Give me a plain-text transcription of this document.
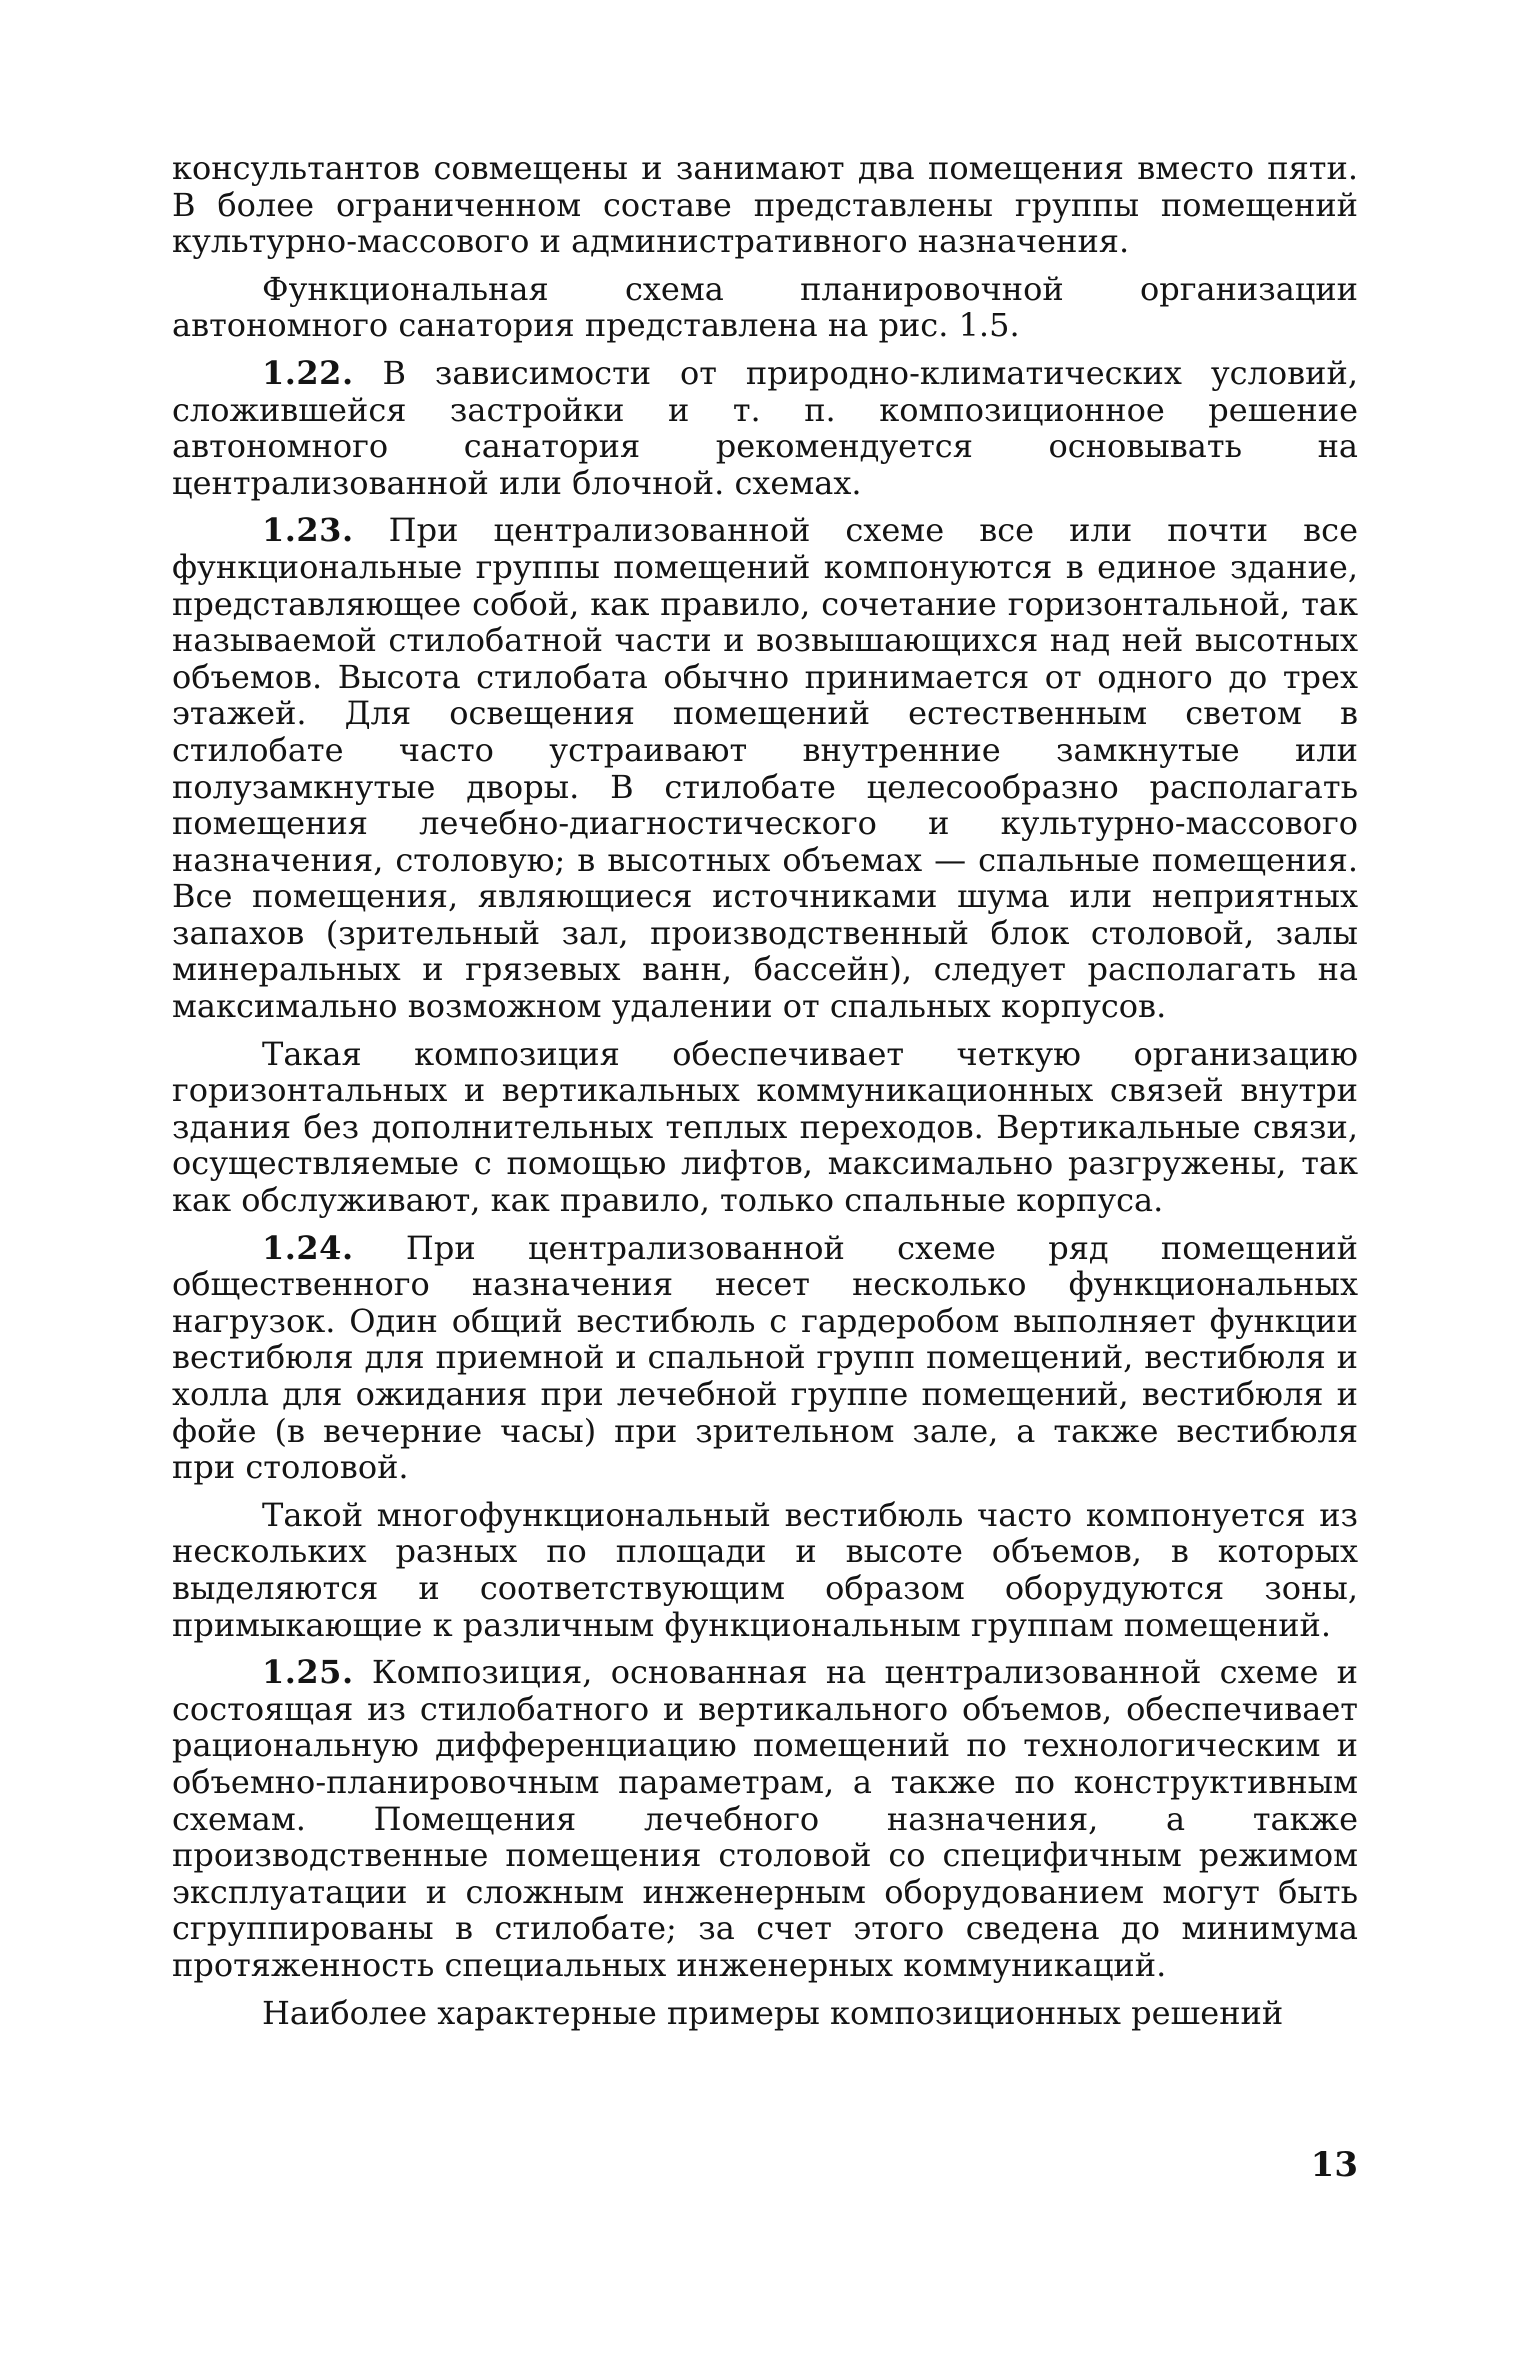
консультантов совмещены и занимают два помещения вместо пяти. В более ограниченном составе представлены группы помещений культурно-массового и административного назначения.

Функциональная схема планировочной организации автономного санатория представлена на рис. 1.5.

1.22. В зависимости от природно-климатических условий, сложившейся застройки и т. п. композиционное решение автономного санатория рекомендуется основывать на централизованной или блочной. схемах.

1.23. При централизованной схеме все или почти все функциональные группы помещений компонуются в единое здание, представляющее собой, как правило, сочетание горизонтальной, так называемой стилобатной части и возвышающихся над ней высотных объемов. Высота стилобата обычно принимается от одного до трех этажей. Для освещения помещений естественным светом в стилобате часто устраивают внутренние замкнутые или полузамкнутые дворы. В стилобате целесообразно располагать помещения лечебно-диагностического и культурно-массового назначения, столовую; в высотных объемах — спальные помещения. Все помещения, являющиеся источниками шума или неприятных запахов (зрительный зал, производственный блок столовой, залы минеральных и грязевых ванн, бассейн), следует располагать на максимально возможном удалении от спальных корпусов.

Такая композиция обеспечивает четкую организацию горизонтальных и вертикальных коммуникационных связей внутри здания без дополнительных теплых переходов. Вертикальные связи, осуществляемые с помощью лифтов, максимально разгружены, так как обслуживают, как правило, только спальные корпуса.

1.24. При централизованной схеме ряд помещений общественного назначения несет несколько функциональных нагрузок. Один общий вестибюль с гардеробом выполняет функции вестибюля для приемной и спальной групп помещений, вестибюля и холла для ожидания при лечебной группе помещений, вестибюля и фойе (в вечерние часы) при зрительном зале, а также вестибюля при столовой.

Такой многофункциональный вестибюль часто компонуется из нескольких разных по площади и высоте объемов, в которых выделяются и соответствующим образом оборудуются зоны, примыкающие к различным функциональным группам помещений.

1.25. Композиция, основанная на централизованной схеме и состоящая из стилобатного и вертикального объемов, обеспечивает рациональную дифференциацию помещений по технологическим и объемно-планировочным параметрам, а также по конструктивным схемам. Помещения лечебного назначения, а также производственные помещения столовой со специфичным режимом эксплуатации и сложным инженерным оборудованием могут быть сгруппированы в стилобате; за счет этого сведена до минимума протяженность специальных инженерных коммуникаций.

Наиболее характерные примеры композиционных решений

13
